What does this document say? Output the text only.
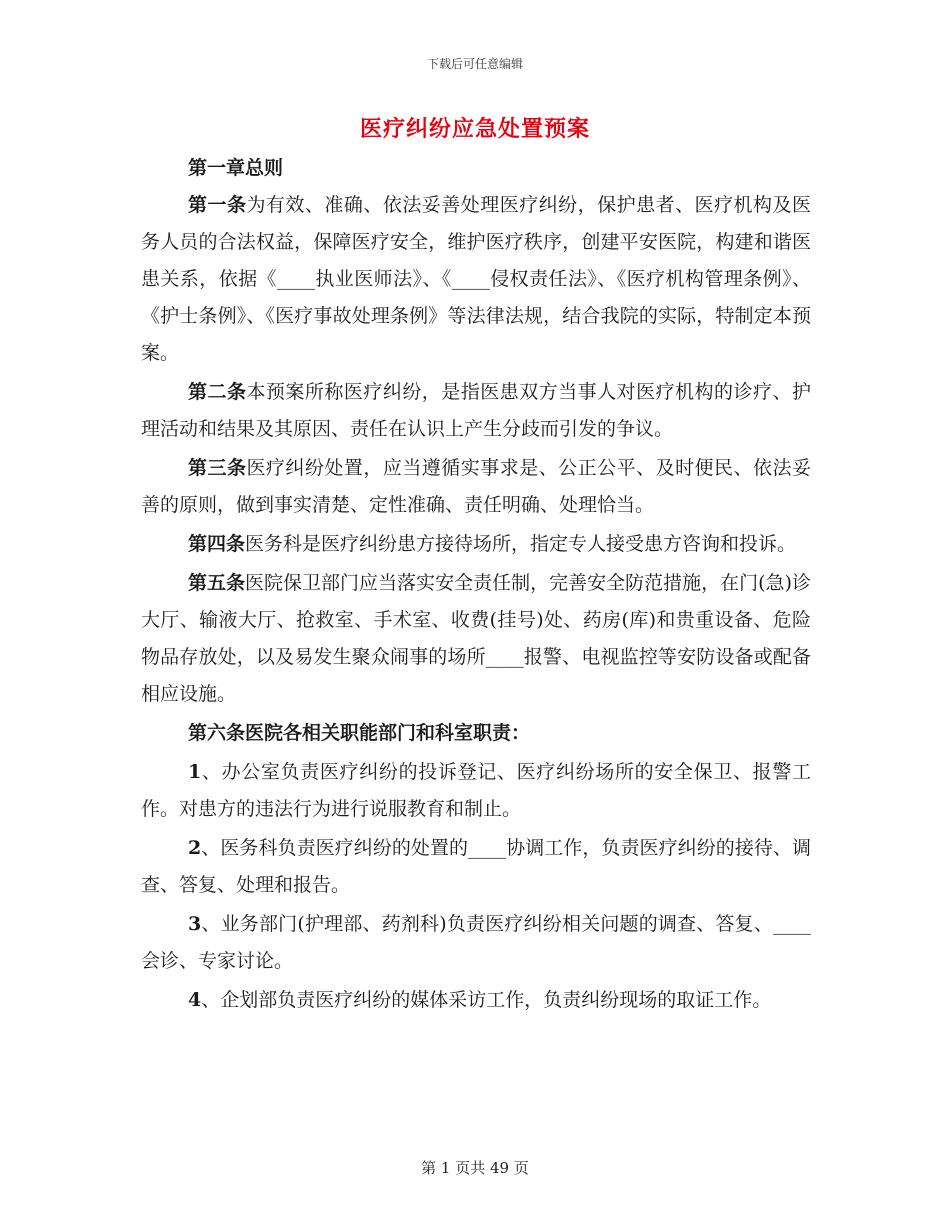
下载后可任意编辑
医疗纠纷应急处置预案

第一章总则

第一条为有效、准确、依法妥善处理医疗纠纷，保护患者、医疗机构及医务人员的合法权益，保障医疗安全，维护医疗秩序，创建平安医院，构建和谐医患关系，依据《____执业医师法》、《____侵权责任法》、《医疗机构管理条例》、《护士条例》、《医疗事故处理条例》等法律法规，结合我院的实际，特制定本预案。

第二条本预案所称医疗纠纷，是指医患双方当事人对医疗机构的诊疗、护理活动和结果及其原因、责任在认识上产生分歧而引发的争议。

第三条医疗纠纷处置，应当遵循实事求是、公正公平、及时便民、依法妥善的原则，做到事实清楚、定性准确、责任明确、处理恰当。

第四条医务科是医疗纠纷患方接待场所，指定专人接受患方咨询和投诉。

第五条医院保卫部门应当落实安全责任制，完善安全防范措施，在门(急)诊大厅、输液大厅、抢救室、手术室、收费(挂号)处、药房(库)和贵重设备、危险物品存放处，以及易发生聚众闹事的场所____报警、电视监控等安防设备或配备相应设施。

第六条医院各相关职能部门和科室职责：

1、办公室负责医疗纠纷的投诉登记、医疗纠纷场所的安全保卫、报警工作。对患方的违法行为进行说服教育和制止。

2、医务科负责医疗纠纷的处置的____协调工作，负责医疗纠纷的接待、调查、答复、处理和报告。

3、业务部门(护理部、药剂科)负责医疗纠纷相关问题的调查、答复、____会诊、专家讨论。

4、企划部负责医疗纠纷的媒体采访工作，负责纠纷现场的取证工作。

第 1 页共 49 页
